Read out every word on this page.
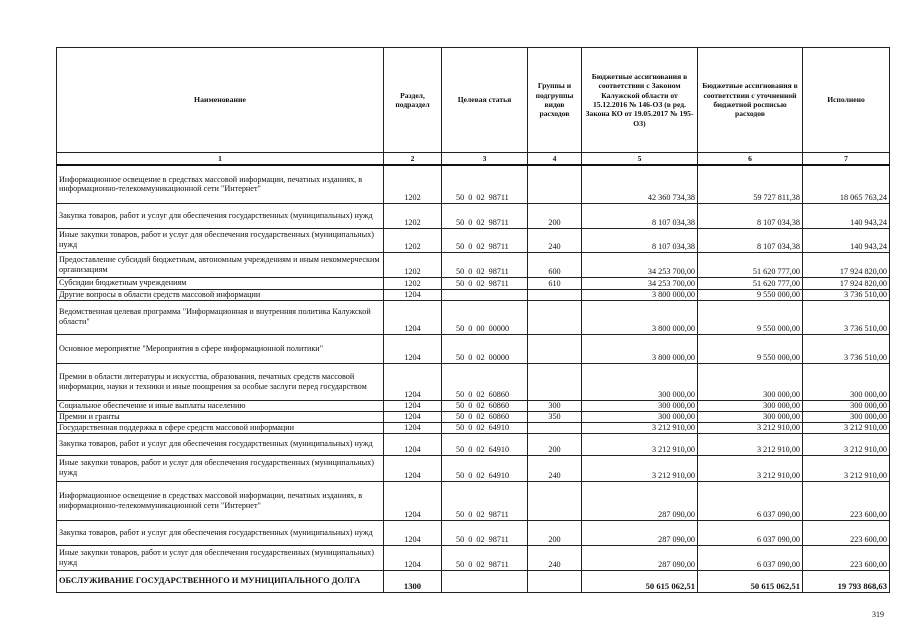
Наименование	Раздел, подраздел	Целевая статья	Группы и подгруппы видов расходов	Бюджетные ассигнования в соответствии с Законом Калужской области от 15.12.2016 № 146-ОЗ (в ред. Закона КО от 19.05.2017 № 195-ОЗ)	Бюджетные ассигнования в соответствии с уточненной бюджетной росписью расходов	Исполнено
1	2	3	4	5	6	7
Информационное освещение в средствах массовой информации, печатных изданиях, в информационно-телекоммуникационной сети "Интернет"	1202	50 0 02 98711		42 360 734,38	59 727 811,38	18 065 763,24
Закупка товаров, работ и услуг для обеспечения государственных (муниципальных) нужд	1202	50 0 02 98711	200	8 107 034,38	8 107 034,38	140 943,24
Иные закупки товаров, работ и услуг для обеспечения государственных (муниципальных) нужд	1202	50 0 02 98711	240	8 107 034,38	8 107 034,38	140 943,24
Предоставление субсидий бюджетным, автономным учреждениям и иным некоммерческим организациям	1202	50 0 02 98711	600	34 253 700,00	51 620 777,00	17 924 820,00
Субсидии бюджетным учреждениям	1202	50 0 02 98711	610	34 253 700,00	51 620 777,00	17 924 820,00
Другие вопросы в области средств массовой информации	1204			3 800 000,00	9 550 000,00	3 736 510,00
Ведомственная целевая программа "Информационная и внутренняя политика Калужской области"	1204	50 0 00 00000		3 800 000,00	9 550 000,00	3 736 510,00
Основное мероприятие "Мероприятия в сфере информационной политики"	1204	50 0 02 00000		3 800 000,00	9 550 000,00	3 736 510,00
Премии в области литературы и искусства, образования, печатных средств массовой информации, науки и техники и иные поощрения за особые заслуги перед государством	1204	50 0 02 60860		300 000,00	300 000,00	300 000,00
Социальное обеспечение и иные выплаты населению	1204	50 0 02 60860	300	300 000,00	300 000,00	300 000,00
Премии и гранты	1204	50 0 02 60860	350	300 000,00	300 000,00	300 000,00
Государственная поддержка в сфере средств массовой информации	1204	50 0 02 64910		3 212 910,00	3 212 910,00	3 212 910,00
Закупка товаров, работ и услуг для обеспечения государственных (муниципальных) нужд	1204	50 0 02 64910	200	3 212 910,00	3 212 910,00	3 212 910,00
Иные закупки товаров, работ и услуг для обеспечения государственных (муниципальных) нужд	1204	50 0 02 64910	240	3 212 910,00	3 212 910,00	3 212 910,00
Информационное освещение в средствах массовой информации, печатных изданиях, в информационно-телекоммуникационной сети "Интернет"	1204	50 0 02 98711		287 090,00	6 037 090,00	223 600,00
Закупка товаров, работ и услуг для обеспечения государственных (муниципальных) нужд	1204	50 0 02 98711	200	287 090,00	6 037 090,00	223 600,00
Иные закупки товаров, работ и услуг для обеспечения государственных (муниципальных) нужд	1204	50 0 02 98711	240	287 090,00	6 037 090,00	223 600,00
ОБСЛУЖИВАНИЕ ГОСУДАРСТВЕННОГО И МУНИЦИПАЛЬНОГО ДОЛГА	1300			50 615 062,51	50 615 062,51	19 793 868,63
319
